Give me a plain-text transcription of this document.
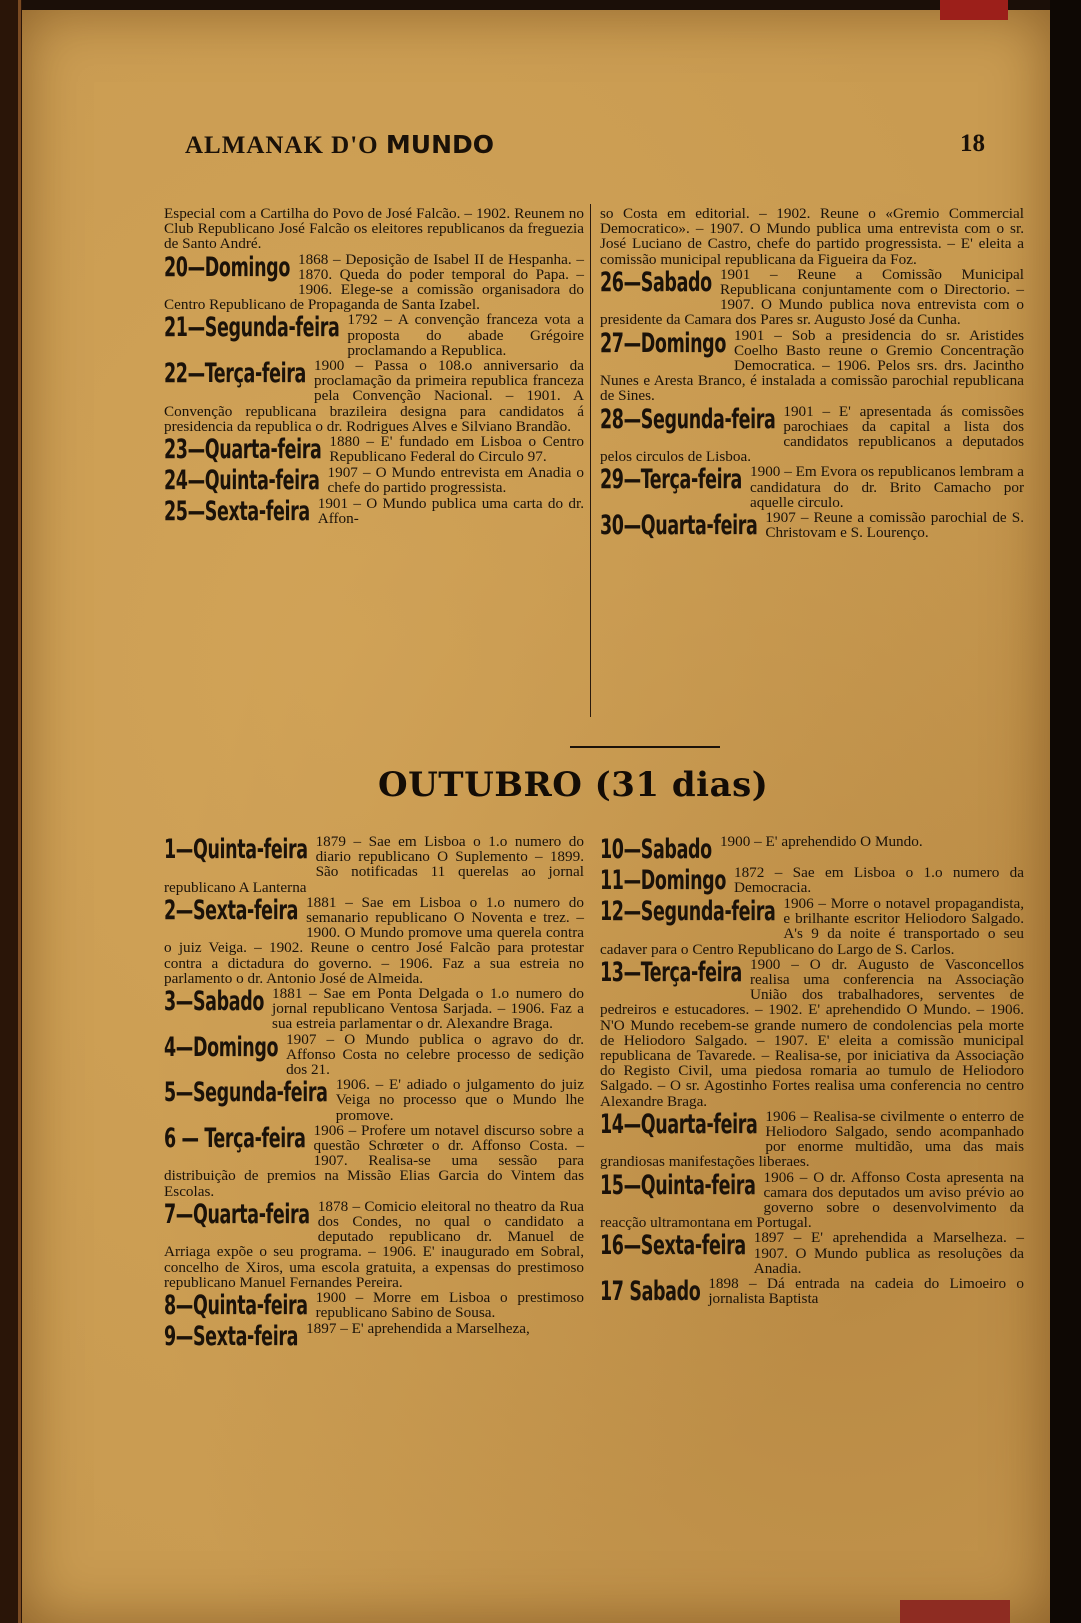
ALMANAK D'O MUNDO	18

Especial com a Cartilha do Povo de José Falcão. – 1902. Reunem no Club Republicano José Falcão os eleitores republicanos da freguezia de Santo André.

20—Domingo 1868 – Deposição de Isabel II de Hespanha. – 1870. Queda do poder temporal do Papa. – 1906. Elege-se a comissão organisadora do Centro Republicano de Propaganda de Santa Izabel.

21—Segunda-feira 1792 – A convenção franceza vota a proposta do abade Grégoire proclamando a Republica.

22—Terça-feira 1900 – Passa o 108.o anniversario da proclamação da primeira republica franceza pela Convenção Nacional. – 1901. A Convenção republicana brazileira designa para candidatos á presidencia da republica o dr. Rodrigues Alves e Silviano Brandão.

23—Quarta-feira 1880 – E' fundado em Lisboa o Centro Republicano Federal do Circulo 97.

24—Quinta-feira 1907 – O Mundo entrevista em Anadia o chefe do partido progressista.

25—Sexta-feira 1901 – O Mundo publica uma carta do dr. Affon-

so Costa em editorial. – 1902. Reune o «Gremio Commercial Democratico». – 1907. O Mundo publica uma entrevista com o sr. José Luciano de Castro, chefe do partido progressista. – E' eleita a comissão municipal republicana da Figueira da Foz.

26—Sabado 1901 – Reune a Comissão Municipal Republicana conjuntamente com o Directorio. – 1907. O Mundo publica nova entrevista com o presidente da Camara dos Pares sr. Augusto José da Cunha.

27—Domingo 1901 – Sob a presidencia do sr. Aristides Coelho Basto reune o Gremio Concentração Democratica. – 1906. Pelos srs. drs. Jacintho Nunes e Aresta Branco, é instalada a comissão parochial republicana de Sines.

28—Segunda-feira 1901 – E' apresentada ás comissões parochiaes da capital a lista dos candidatos republicanos a deputados pelos circulos de Lisboa.

29—Terça-feira 1900 – Em Evora os republicanos lembram a candidatura do dr. Brito Camacho por aquelle circulo.

30—Quarta-feira 1907 – Reune a comissão parochial de S. Christovam e S. Lourenço.

OUTUBRO (31 dias)

1—Quinta-feira 1879 – Sae em Lisboa o 1.o numero do diario republicano O Suplemento – 1899. São notificadas 11 querelas ao jornal republicano A Lanterna

2—Sexta-feira 1881 – Sae em Lisboa o 1.o numero do semanario republicano O Noventa e trez. – 1900. O Mundo promove uma querela contra o juiz Veiga. – 1902. Reune o centro José Falcão para protestar contra a dictadura do governo. – 1906. Faz a sua estreia no parlamento o dr. Antonio José de Almeida.

3—Sabado 1881 – Sae em Ponta Delgada o 1.o numero do jornal republicano Ventosa Sarjada. – 1906. Faz a sua estreia parlamentar o dr. Alexandre Braga.

4—Domingo 1907 – O Mundo publica o agravo do dr. Affonso Costa no celebre processo de sedição dos 21.

5—Segunda-feira 1906. – E' adiado o julgamento do juiz Veiga no processo que o Mundo lhe promove.

6 — Terça-feira 1906 – Profere um notavel discurso sobre a questão Schrœter o dr. Affonso Costa. – 1907. Realisa-se uma sessão para distribuição de premios na Missão Elias Garcia do Vintem das Escolas.

7—Quarta-feira 1878 – Comicio eleitoral no theatro da Rua dos Condes, no qual o candidato a deputado republicano dr. Manuel de Arriaga expõe o seu programa. – 1906. E' inaugurado em Sobral, concelho de Xiros, uma escola gratuita, a expensas do prestimoso republicano Manuel Fernandes Pereira.

8—Quinta-feira 1900 – Morre em Lisboa o prestimoso republicano Sabino de Sousa.

9—Sexta-feira 1897 – E' aprehendida a Marselheza,

10—Sabado 1900 – E' aprehendido O Mundo.

11—Domingo 1872 – Sae em Lisboa o 1.o numero da Democracia.

12—Segunda-feira 1906 – Morre o notavel propagandista, e brilhante escritor Heliodoro Salgado. A's 9 da noite é transportado o seu cadaver para o Centro Republicano do Largo de S. Carlos.

13—Terça-feira 1900 – O dr. Augusto de Vasconcellos realisa uma conferencia na Associação União dos trabalhadores, serventes de pedreiros e estucadores. – 1902. E' aprehendido O Mundo. – 1906. N'O Mundo recebem-se grande numero de condolencias pela morte de Heliodoro Salgado. – 1907. E' eleita a comissão municipal republicana de Tavarede. – Realisa-se, por iniciativa da Associação do Registo Civil, uma piedosa romaria ao tumulo de Heliodoro Salgado. – O sr. Agostinho Fortes realisa uma conferencia no centro Alexandre Braga.

14—Quarta-feira 1906 – Realisa-se civilmente o enterro de Heliodoro Salgado, sendo acompanhado por enorme multidão, uma das mais grandiosas manifestações liberaes.

15—Quinta-feira 1906 – O dr. Affonso Costa apresenta na camara dos deputados um aviso prévio ao governo sobre o desenvolvimento da reacção ultramontana em Portugal.

16—Sexta-feira 1897 – E' aprehendida a Marselheza. – 1907. O Mundo publica as resoluções da Anadia.

17 Sabado 1898 – Dá entrada na cadeia do Limoeiro o jornalista Baptista
